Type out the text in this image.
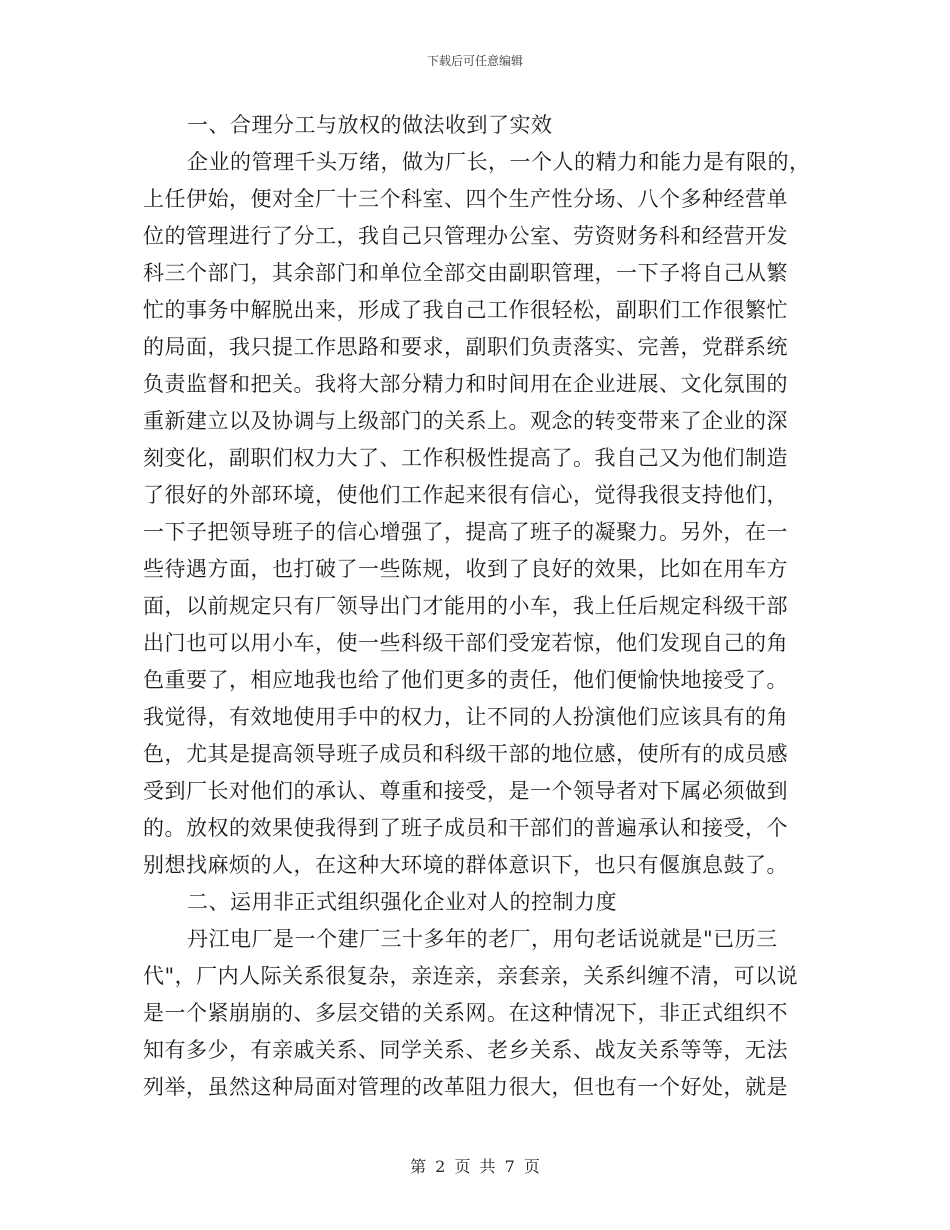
下载后可任意编辑
一、合理分工与放权的做法收到了实效
企业的管理千头万绪，做为厂长，一个人的精力和能力是有限的，
上任伊始，便对全厂十三个科室、四个生产性分场、八个多种经营单
位的管理进行了分工，我自己只管理办公室、劳资财务科和经营开发
科三个部门，其余部门和单位全部交由副职管理，一下子将自己从繁
忙的事务中解脱出来，形成了我自己工作很轻松，副职们工作很繁忙
的局面，我只提工作思路和要求，副职们负责落实、完善，党群系统
负责监督和把关。我将大部分精力和时间用在企业进展、文化氛围的
重新建立以及协调与上级部门的关系上。观念的转变带来了企业的深
刻变化，副职们权力大了、工作积极性提高了。我自己又为他们制造
了很好的外部环境，使他们工作起来很有信心，觉得我很支持他们，
一下子把领导班子的信心增强了，提高了班子的凝聚力。另外，在一
些待遇方面，也打破了一些陈规，收到了良好的效果，比如在用车方
面，以前规定只有厂领导出门才能用的小车，我上任后规定科级干部
出门也可以用小车，使一些科级干部们受宠若惊，他们发现自己的角
色重要了，相应地我也给了他们更多的责任，他们便愉快地接受了。
我觉得，有效地使用手中的权力，让不同的人扮演他们应该具有的角
色，尤其是提高领导班子成员和科级干部的地位感，使所有的成员感
受到厂长对他们的承认、尊重和接受，是一个领导者对下属必须做到
的。放权的效果使我得到了班子成员和干部们的普遍承认和接受，个
别想找麻烦的人，在这种大环境的群体意识下，也只有偃旗息鼓了。
二、运用非正式组织强化企业对人的控制力度
丹江电厂是一个建厂三十多年的老厂，用句老话说就是"已历三
代"，厂内人际关系很复杂，亲连亲，亲套亲，关系纠缠不清，可以说
是一个紧崩崩的、多层交错的关系网。在这种情况下，非正式组织不
知有多少，有亲戚关系、同学关系、老乡关系、战友关系等等，无法
列举，虽然这种局面对管理的改革阻力很大，但也有一个好处，就是
第 2 页 共 7 页
